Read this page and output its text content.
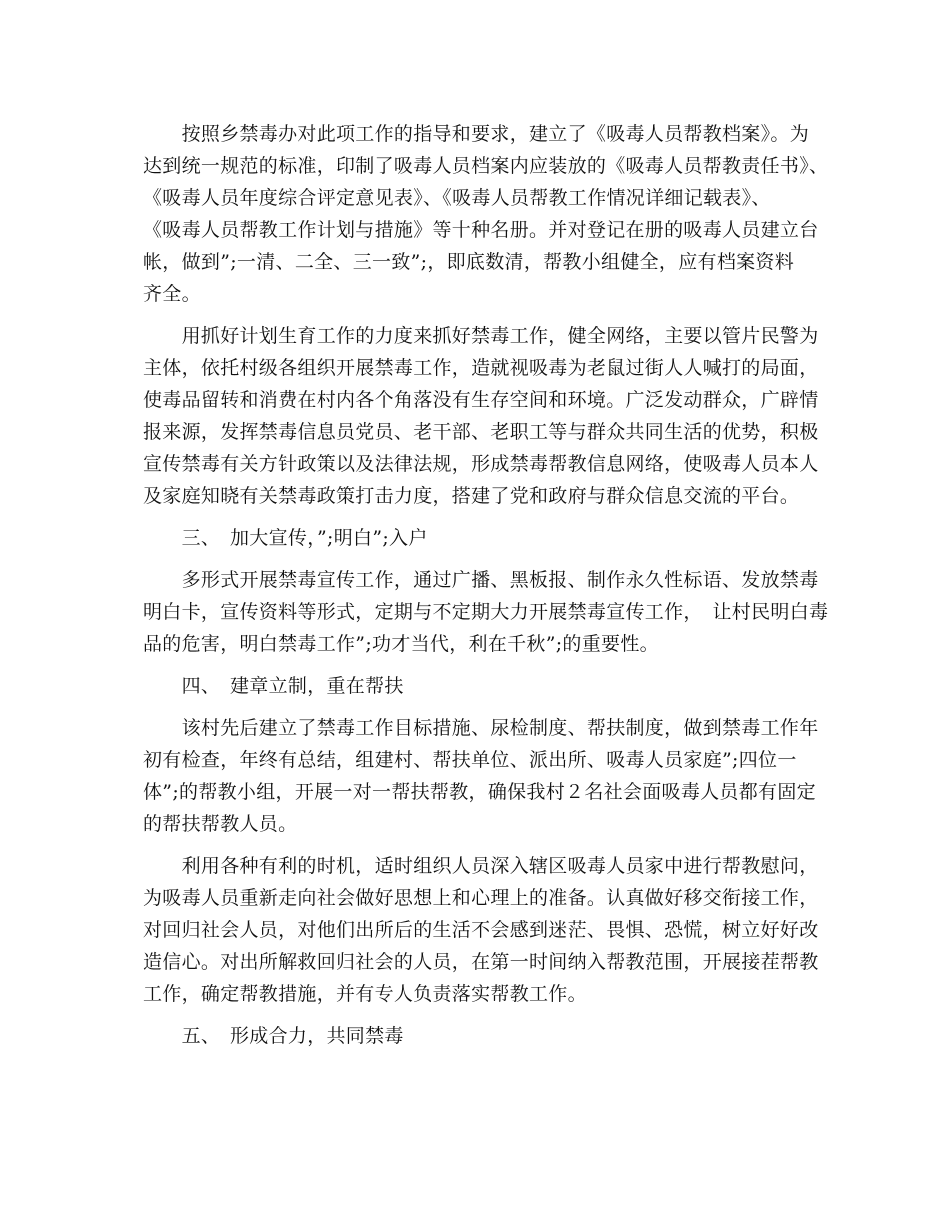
　　按照乡禁毒办对此项工作的指导和要求，建立了《吸毒人员帮教档案》。为
达到统一规范的标准，印制了吸毒人员档案内应装放的《吸毒人员帮教责任书》、
《吸毒人员年度综合评定意见表》、《吸毒人员帮教工作情况详细记载表》、
《吸毒人员帮教工作计划与措施》等十种名册。并对登记在册的吸毒人员建立台
帐，做到”;一清、二全、三一致”;，即底数清，帮教小组健全，应有档案资料
齐全。
　　用抓好计划生育工作的力度来抓好禁毒工作，健全网络，主要以管片民警为
主体，依托村级各组织开展禁毒工作，造就视吸毒为老鼠过街人人喊打的局面，
使毒品留转和消费在村内各个角落没有生存空间和环境。广泛发动群众，广辟情
报来源，发挥禁毒信息员党员、老干部、老职工等与群众共同生活的优势，积极
宣传禁毒有关方针政策以及法律法规，形成禁毒帮教信息网络，使吸毒人员本人
及家庭知晓有关禁毒政策打击力度，搭建了党和政府与群众信息交流的平台。
　　三、　加大宣传，”;明白”;入户
　　多形式开展禁毒宣传工作，通过广播、黑板报、制作永久性标语、发放禁毒
明白卡，宣传资料等形式，定期与不定期大力开展禁毒宣传工作，　让村民明白毒
品的危害，明白禁毒工作”;功才当代，利在千秋”;的重要性。
　　四、　建章立制，重在帮扶
　　该村先后建立了禁毒工作目标措施、尿检制度、帮扶制度，做到禁毒工作年
初有检查，年终有总结，组建村、帮扶单位、派出所、吸毒人员家庭”;四位一
体”;的帮教小组，开展一对一帮扶帮教，确保我村２名社会面吸毒人员都有固定
的帮扶帮教人员。
　　利用各种有利的时机，适时组织人员深入辖区吸毒人员家中进行帮教慰问，
为吸毒人员重新走向社会做好思想上和心理上的准备。认真做好移交衔接工作，
对回归社会人员，对他们出所后的生活不会感到迷茫、畏惧、恐慌，树立好好改
造信心。对出所解救回归社会的人员，在第一时间纳入帮教范围，开展接茬帮教
工作，确定帮教措施，并有专人负责落实帮教工作。
　　五、　形成合力，共同禁毒
